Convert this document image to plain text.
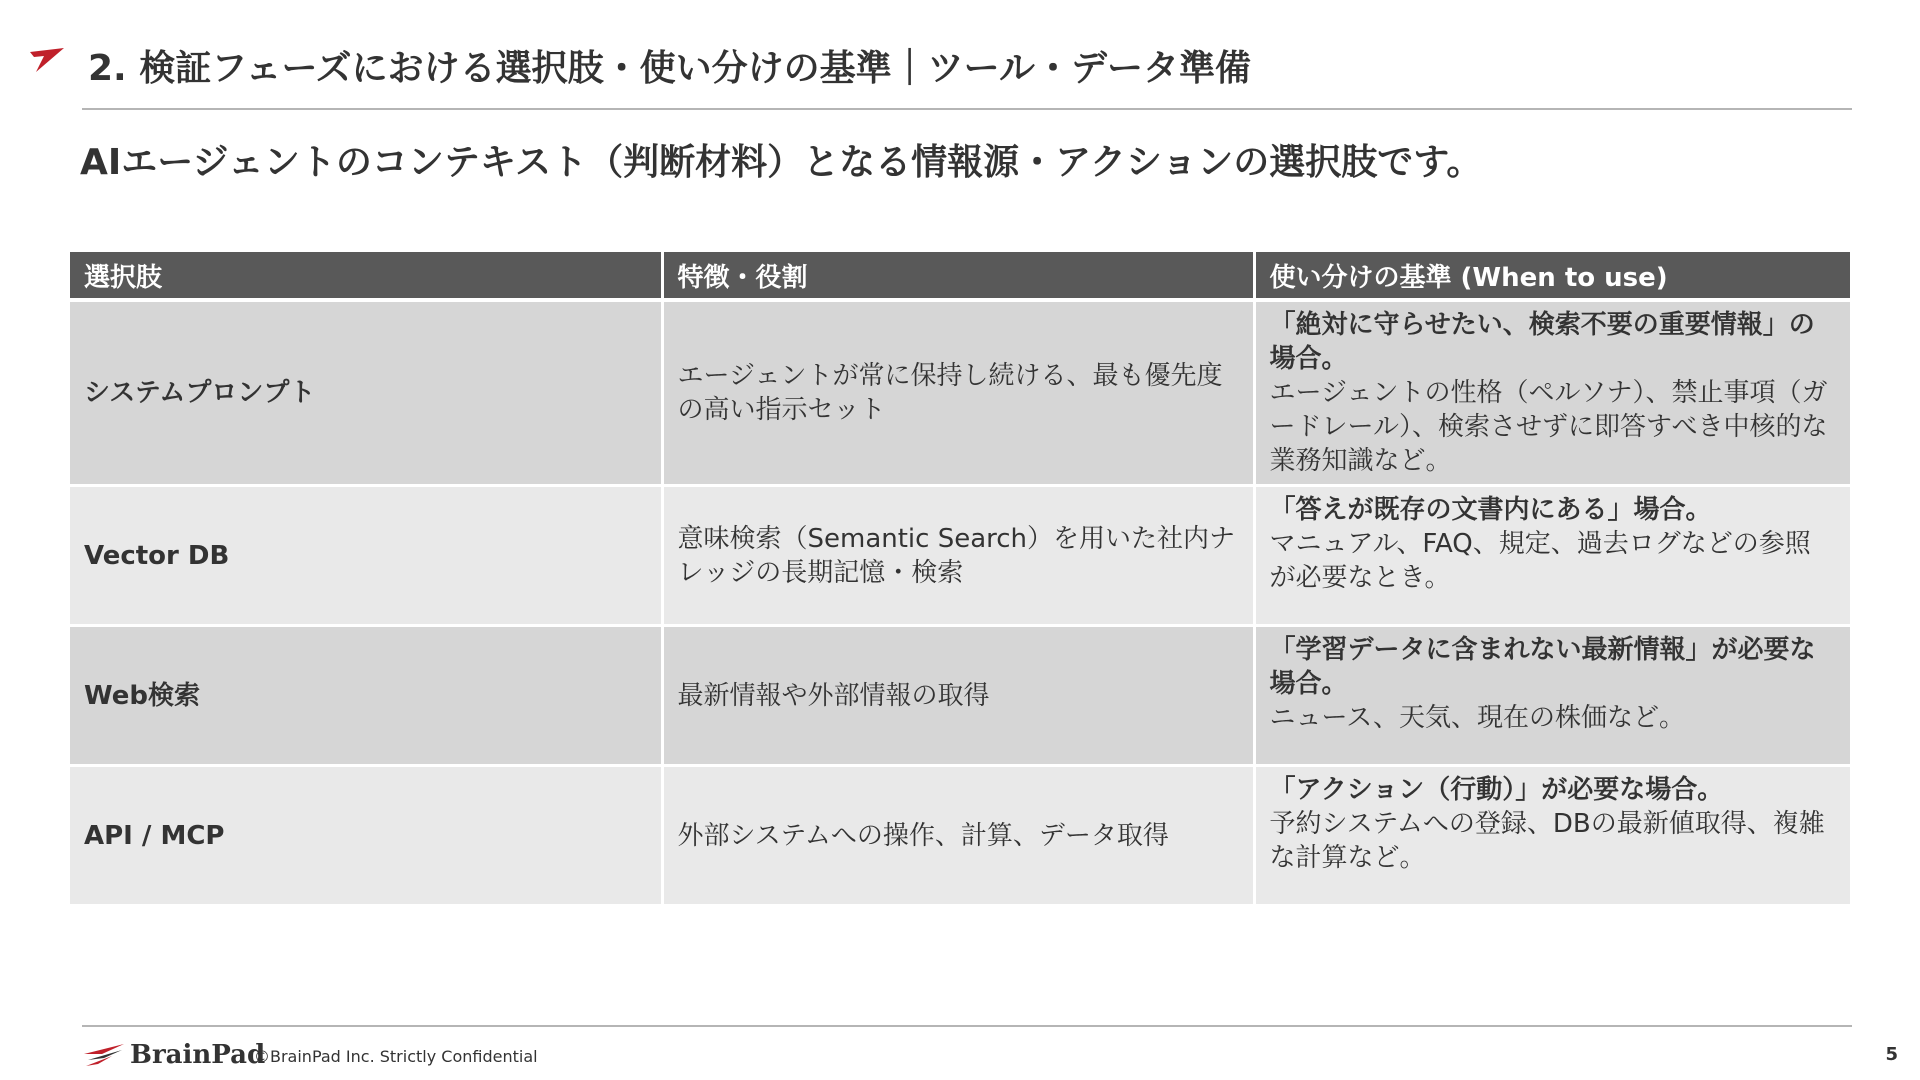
2. 検証フェーズにおける選択肢・使い分けの基準｜ツール・データ準備
AIエージェントのコンテキスト（判断材料）となる情報源・アクションの選択肢です。
選択肢	特徴・役割	使い分けの基準 (When to use)
システムプロンプト	エージェントが常に保持し続ける、最も優先度の高い指示セット	「絶対に守らせたい、検索不要の重要情報」の場合。
エージェントの性格（ペルソナ）、禁止事項（ガードレール）、検索させずに即答すべき中核的な業務知識など。

Vector DB	意味検索（Semantic Search）を用いた社内ナレッジの長期記憶・検索	「答えが既存の文書内にある」場合。
マニュアル、FAQ、規定、過去ログなどの参照が必要なとき。

Web検索	最新情報や外部情報の取得	「学習データに含まれない最新情報」が必要な場合。
ニュース、天気、現在の株価など。

API / MCP	外部システムへの操作、計算、データ取得	「アクション（行動）」が必要な場合。
予約システムへの登録、DBの最新値取得、複雑な計算など。
BrainPad
©BrainPad Inc. Strictly Confidential	5
